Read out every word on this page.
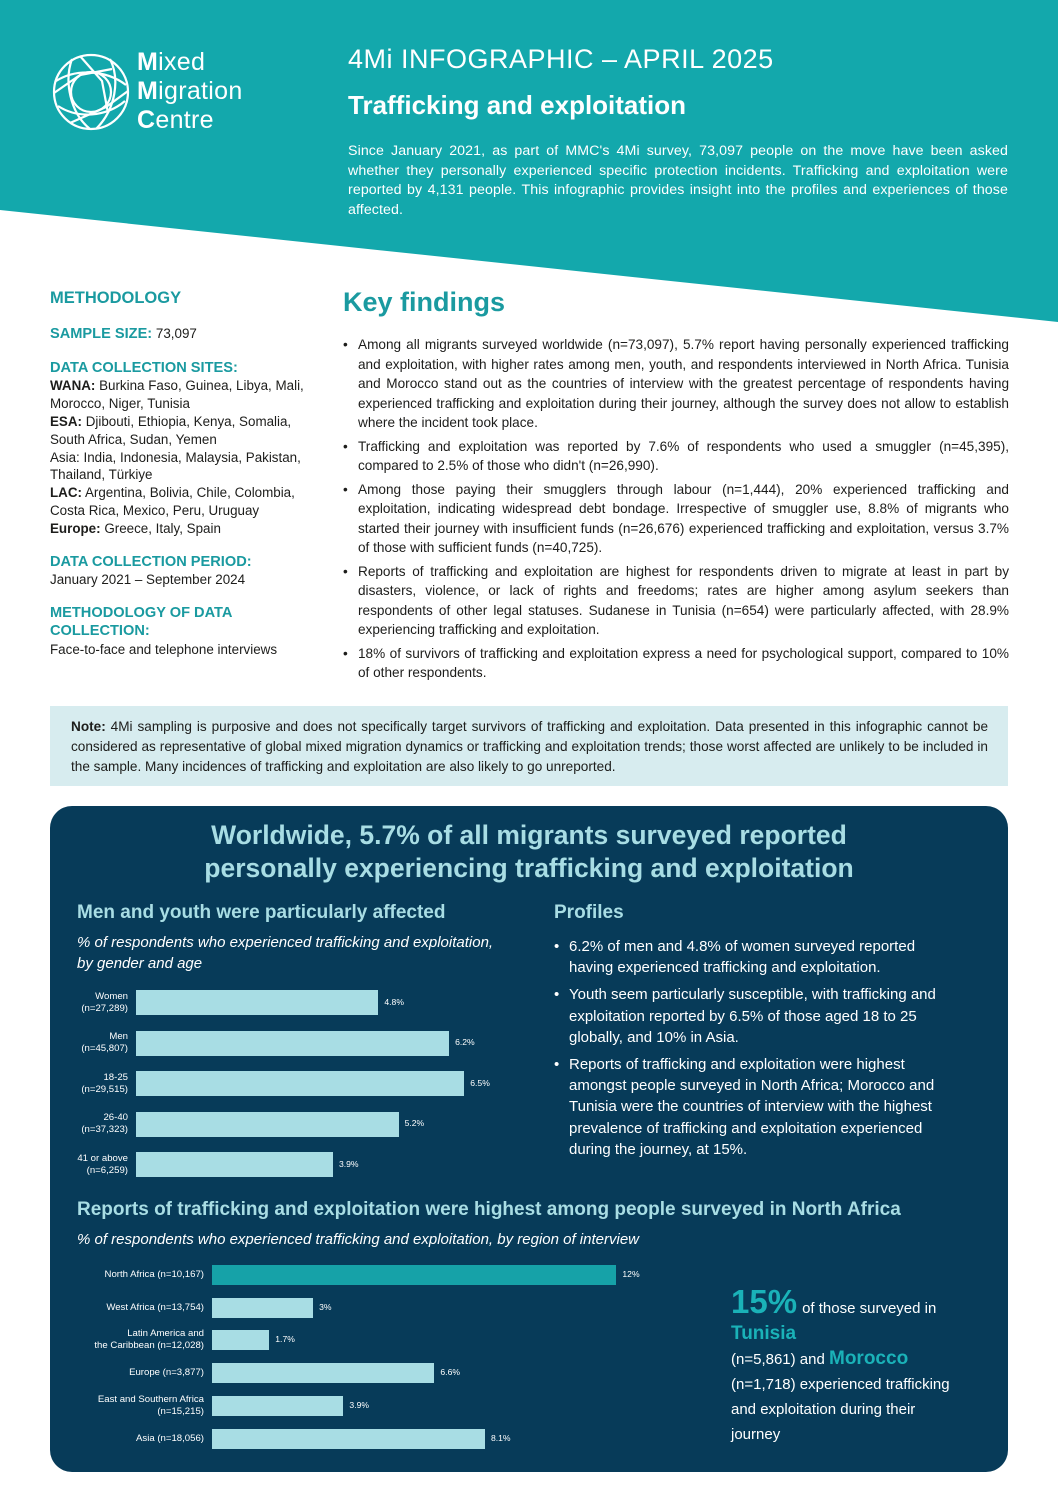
Mixed
Migration
Centre
4Mi INFOGRAPHIC – APRIL 2025
Trafficking and exploitation

Since January 2021, as part of MMC's 4Mi survey, 73,097 people on the move have been asked whether they personally experienced specific protection incidents. Trafficking and exploitation were reported by 4,131 people. This infographic provides insight into the profiles and experiences of those affected.

METHODOLOGY
SAMPLE SIZE: 73,097
DATA COLLECTION SITES:
WANA: Burkina Faso, Guinea, Libya, Mali, Morocco, Niger, Tunisia
ESA: Djibouti, Ethiopia, Kenya, Somalia, South Africa, Sudan, Yemen
Asia: India, Indonesia, Malaysia, Pakistan, Thailand, Türkiye
LAC: Argentina, Bolivia, Chile, Colombia, Costa Rica, Mexico, Peru, Uruguay
Europe: Greece, Italy, Spain
DATA COLLECTION PERIOD:
January 2021 – September 2024
METHODOLOGY OF DATA COLLECTION:
Face-to-face and telephone interviews
Key findings
• Among all migrants surveyed worldwide (n=73,097), 5.7% report having personally experienced trafficking and exploitation, with higher rates among men, youth, and respondents interviewed in North Africa. Tunisia and Morocco stand out as the countries of interview with the greatest percentage of respondents having experienced trafficking and exploitation during their journey, although the survey does not allow to establish where the incident took place.
• Trafficking and exploitation was reported by 7.6% of respondents who used a smuggler (n=45,395), compared to 2.5% of those who didn't (n=26,990).
• Among those paying their smugglers through labour (n=1,444), 20% experienced trafficking and exploitation, indicating widespread debt bondage. Irrespective of smuggler use, 8.8% of migrants who started their journey with insufficient funds (n=26,676) experienced trafficking and exploitation, versus 3.7% of those with sufficient funds (n=40,725).
• Reports of trafficking and exploitation are highest for respondents driven to migrate at least in part by disasters, violence, or lack of rights and freedoms; rates are higher among asylum seekers than respondents of other legal statuses. Sudanese in Tunisia (n=654) were particularly affected, with 28.9% experiencing trafficking and exploitation.
• 18% of survivors of trafficking and exploitation express a need for psychological support, compared to 10% of other respondents.
Note: 4Mi sampling is purposive and does not specifically target survivors of trafficking and exploitation. Data presented in this infographic cannot be considered as representative of global mixed migration dynamics or trafficking and exploitation trends; those worst affected are unlikely to be included in the sample. Many incidences of trafficking and exploitation are also likely to go unreported.
Worldwide, 5.7% of all migrants surveyed reported
personally experiencing trafficking and exploitation
Men and youth were particularly affected
% of respondents who experienced trafficking and exploitation, by gender and age
Profiles
• 6.2% of men and 4.8% of women surveyed reported having experienced trafficking and exploitation.
• Youth seem particularly susceptible, with trafficking and exploitation reported by 6.5% of those aged 18 to 25 globally, and 10% in Asia.
• Reports of trafficking and exploitation were highest amongst people surveyed in North Africa; Morocco and Tunisia were the countries of interview with the highest prevalence of trafficking and exploitation experienced during the journey, at 15%.
Reports of trafficking and exploitation were highest among people surveyed in North Africa
% of respondents who experienced trafficking and exploitation, by region of interview
15% of those surveyed in Tunisia
(n=5,861) and Morocco
(n=1,718) experienced trafficking and exploitation during their journey
Women
(n=27,289)
4.8%
Men
(n=45,807)
6.2%
18-25
(n=29,515)
6.5%
26-40
(n=37,323)
5.2%
41 or above
(n=6,259)
3.9%
North Africa (n=10,167)	12%
West Africa (n=13,754)	3%
Latin America and
the Caribbean (n=12,028)
1.7%
Europe (n=3,877)	6.6%
East and Southern Africa
(n=15,215)
3.9%
Asia (n=18,056)	8.1%
